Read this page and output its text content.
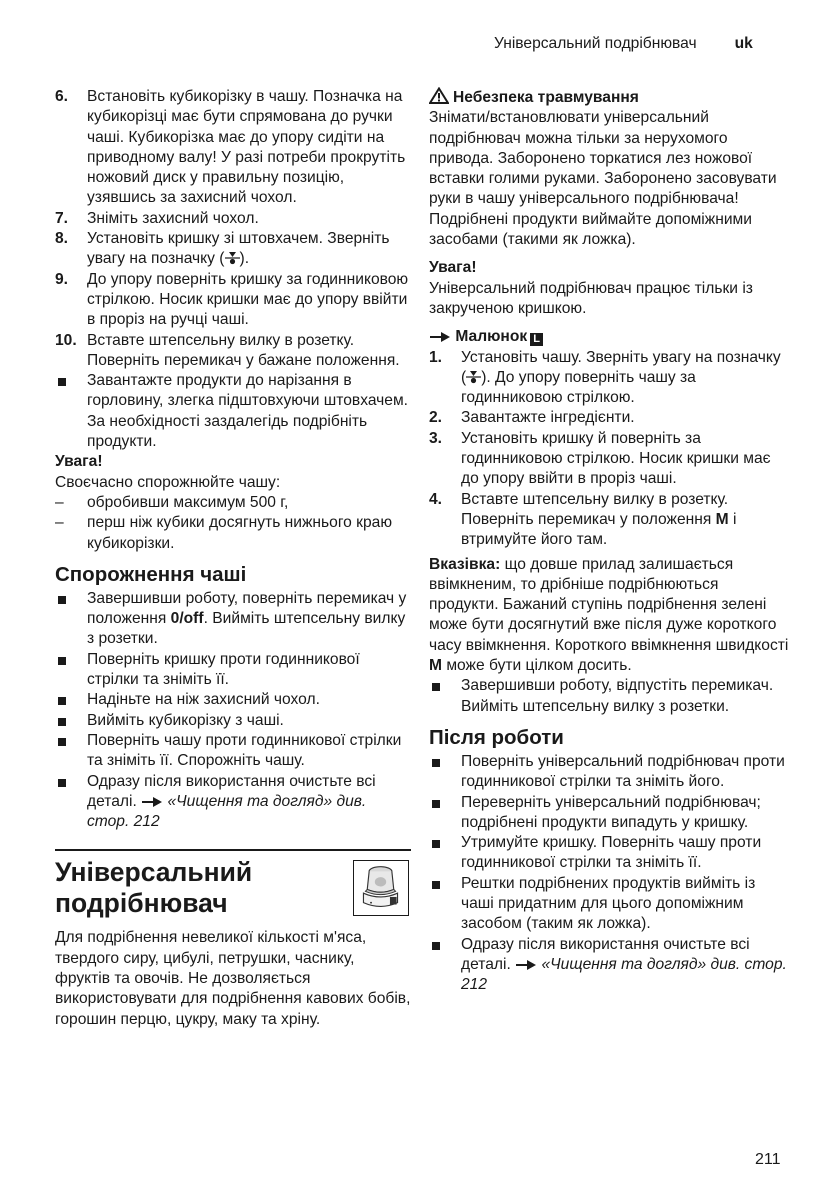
Універсальний подрібнювач uk
6. Встановіть кубикорізку в чашу. Позначка на кубикорізці має бути спрямована до ручки чаші. Кубикорізка має до упору сидіти на приводному валу! У разі потреби прокрутіть ножовий диск у правильну позицію, узявшись за захисний чохол.
7. Зніміть захисний чохол.
8. Установіть кришку зі штовхачем. Зверніть увагу на позначку ( ).
9. До упору поверніть кришку за годинниковою стрілкою. Носик кришки має до упору ввійти в проріз на ручці чаші.
10. Вставте штепсельну вилку в розетку. Поверніть перемикач у бажане положення.
Завантажте продукти до нарізання в горловину, злегка підштовхуючи штовхачем. За необхідності заздалегідь подрібніть продукти.
Увага!
Своєчасно спорожнюйте чашу:
– обробивши максимум 500 г,
– перш ніж кубики досягнуть нижнього краю кубикорізки.
Спорожнення чаші
Завершивши роботу, поверніть перемикач у положення 0/off. Вийміть штепсельну вилку з розетки.
Поверніть кришку проти годинникової стрілки та зніміть її.
Надіньте на ніж захисний чохол.
Вийміть кубикорізку з чаші.
Поверніть чашу проти годинникової стрілки та зніміть її. Спорожніть чашу.
Одразу після використання очистьте всі деталі.  «Чищення та догляд» див. стор. 212
Універсальний
подрібнювач
Для подрібнення невеликої кількості м'яса, твердого сиру, цибулі, петрушки, часнику, фруктів та овочів. Не дозволяється використовувати для подрібнення кавових бобів, горошин перцю, цукру, маку та хріну.
Небезпека травмування
Знімати/встановлювати універсальний подрібнювач можна тільки за нерухомого привода. Заборонено торкатися лез ножової вставки голими руками. Заборонено засовувати руки в чашу універсального подрібнювача! Подрібнені продукти виймайте допоміжними засобами (такими як ложка).
Увага!
Універсальний подрібнювач працює тільки із закрученою кришкою.
Малюнок L
1. Установіть чашу. Зверніть увагу на позначку ( ). До упору поверніть чашу за годинниковою стрілкою.
2. Завантажте інгредієнти.
3. Установіть кришку й поверніть за годинниковою стрілкою. Носик кришки має до упору ввійти в проріз чаші.
4. Вставте штепсельну вилку в розетку. Поверніть перемикач у положення М і втримуйте його там.
Вказівка: що довше прилад залишається ввімкненим, то дрібніше подрібнюються продукти. Бажаний ступінь подрібнення зелені може бути досягнутий вже після дуже короткого часу ввімкнення. Короткого ввімкнення швидкості М може бути цілком досить.
Завершивши роботу, відпустіть перемикач. Вийміть штепсельну вилку з розетки.
Після роботи
Поверніть універсальний подрібнювач проти годинникової стрілки та зніміть його.
Переверніть універсальний подрібнювач; подрібнені продукти випадуть у кришку.
Утримуйте кришку. Поверніть чашу проти годинникової стрілки та зніміть її.
Рештки подрібнених продуктів вийміть із чаші придатним для цього допоміжним засобом (таким як ложка).
Одразу після використання очистьте всі деталі.  «Чищення та догляд» див. стор. 212
211
